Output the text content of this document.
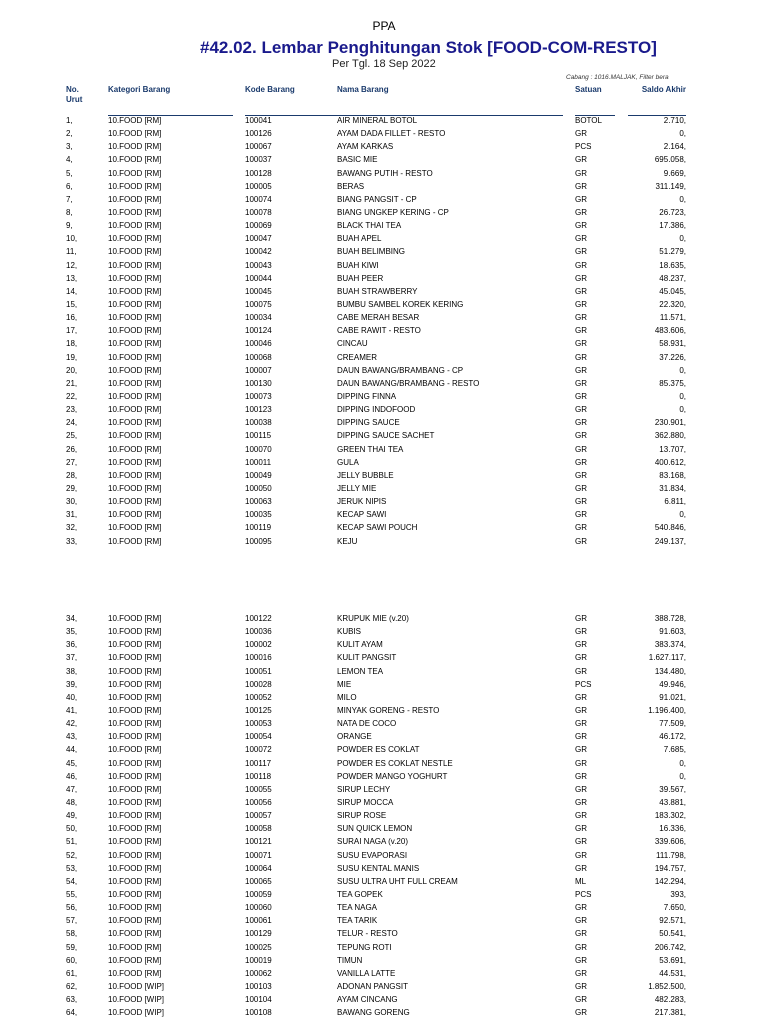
PPA
#42.02. Lembar Penghitungan Stok [FOOD-COM-RESTO]
Per Tgl. 18 Sep 2022
Cabang : 1016.MALJAK, Filter bera
No.
Urut
Kategori Barang	Kode Barang	Nama Barang	Satuan	Saldo Akhir
1,	10.FOOD [RM]	100041	AIR MINERAL BOTOL	BOTOL	2.710,
2,	10.FOOD [RM]	100126	AYAM DADA FILLET - RESTO	GR	0,
3,	10.FOOD [RM]	100067	AYAM KARKAS	PCS	2.164,
4,	10.FOOD [RM]	100037	BASIC MIE	GR	695.058,
5,	10.FOOD [RM]	100128	BAWANG PUTIH - RESTO	GR	9.669,
6,	10.FOOD [RM]	100005	BERAS	GR	311.149,
7,	10.FOOD [RM]	100074	BIANG PANGSIT - CP	GR	0,
8,	10.FOOD [RM]	100078	BIANG UNGKEP KERING - CP	GR	26.723,
9,	10.FOOD [RM]	100069	BLACK THAI TEA	GR	17.386,
10,	10.FOOD [RM]	100047	BUAH APEL	GR	0,
11,	10.FOOD [RM]	100042	BUAH BELIMBING	GR	51.279,
12,	10.FOOD [RM]	100043	BUAH KIWI	GR	18.635,
13,	10.FOOD [RM]	100044	BUAH PEER	GR	48.237,
14,	10.FOOD [RM]	100045	BUAH STRAWBERRY	GR	45.045,
15,	10.FOOD [RM]	100075	BUMBU SAMBEL KOREK KERING	GR	22.320,
16,	10.FOOD [RM]	100034	CABE MERAH BESAR	GR	11.571,
17,	10.FOOD [RM]	100124	CABE RAWIT - RESTO	GR	483.606,
18,	10.FOOD [RM]	100046	CINCAU	GR	58.931,
19,	10.FOOD [RM]	100068	CREAMER	GR	37.226,
20,	10.FOOD [RM]	100007	DAUN BAWANG/BRAMBANG - CP	GR	0,
21,	10.FOOD [RM]	100130	DAUN BAWANG/BRAMBANG - RESTO	GR	85.375,
22,	10.FOOD [RM]	100073	DIPPING FINNA	GR	0,
23,	10.FOOD [RM]	100123	DIPPING INDOFOOD	GR	0,
24,	10.FOOD [RM]	100038	DIPPING SAUCE	GR	230.901,
25,	10.FOOD [RM]	100115	DIPPING SAUCE SACHET	GR	362.880,
26,	10.FOOD [RM]	100070	GREEN THAI TEA	GR	13.707,
27,	10.FOOD [RM]	100011	GULA	GR	400.612,
28,	10.FOOD [RM]	100049	JELLY BUBBLE	GR	83.168,
29,	10.FOOD [RM]	100050	JELLY MIE	GR	31.834,
30,	10.FOOD [RM]	100063	JERUK NIPIS	GR	6.811,
31,	10.FOOD [RM]	100035	KECAP SAWI	GR	0,
32,	10.FOOD [RM]	100119	KECAP SAWI POUCH	GR	540.846,
33,	10.FOOD [RM]	100095	KEJU	GR	249.137,
34,	10.FOOD [RM]	100122	KRUPUK MIE (v.20)	GR	388.728,
35,	10.FOOD [RM]	100036	KUBIS	GR	91.603,
36,	10.FOOD [RM]	100002	KULIT AYAM	GR	383.374,
37,	10.FOOD [RM]	100016	KULIT PANGSIT	GR	1.627.117,
38,	10.FOOD [RM]	100051	LEMON TEA	GR	134.480,
39,	10.FOOD [RM]	100028	MIE	PCS	49.946,
40,	10.FOOD [RM]	100052	MILO	GR	91.021,
41,	10.FOOD [RM]	100125	MINYAK GORENG - RESTO	GR	1.196.400,
42,	10.FOOD [RM]	100053	NATA DE COCO	GR	77.509,
43,	10.FOOD [RM]	100054	ORANGE	GR	46.172,
44,	10.FOOD [RM]	100072	POWDER ES COKLAT	GR	7.685,
45,	10.FOOD [RM]	100117	POWDER ES COKLAT NESTLE	GR	0,
46,	10.FOOD [RM]	100118	POWDER MANGO YOGHURT	GR	0,
47,	10.FOOD [RM]	100055	SIRUP LECHY	GR	39.567,
48,	10.FOOD [RM]	100056	SIRUP MOCCA	GR	43.881,
49,	10.FOOD [RM]	100057	SIRUP ROSE	GR	183.302,
50,	10.FOOD [RM]	100058	SUN QUICK LEMON	GR	16.336,
51,	10.FOOD [RM]	100121	SURAI NAGA (v.20)	GR	339.606,
52,	10.FOOD [RM]	100071	SUSU EVAPORASI	GR	111.798,
53,	10.FOOD [RM]	100064	SUSU KENTAL MANIS	GR	194.757,
54,	10.FOOD [RM]	100065	SUSU ULTRA UHT FULL CREAM	ML	142.294,
55,	10.FOOD [RM]	100059	TEA GOPEK	PCS	393,
56,	10.FOOD [RM]	100060	TEA NAGA	GR	7.650,
57,	10.FOOD [RM]	100061	TEA TARIK	GR	92.571,
58,	10.FOOD [RM]	100129	TELUR - RESTO	GR	50.541,
59,	10.FOOD [RM]	100025	TEPUNG ROTI	GR	206.742,
60,	10.FOOD [RM]	100019	TIMUN	GR	53.691,
61,	10.FOOD [RM]	100062	VANILLA LATTE	GR	44.531,
62,	10.FOOD [WIP]	100103	ADONAN PANGSIT	GR	1.852.500,
63,	10.FOOD [WIP]	100104	AYAM CINCANG	GR	482.283,
64,	10.FOOD [WIP]	100108	BAWANG GORENG	GR	217.381,
